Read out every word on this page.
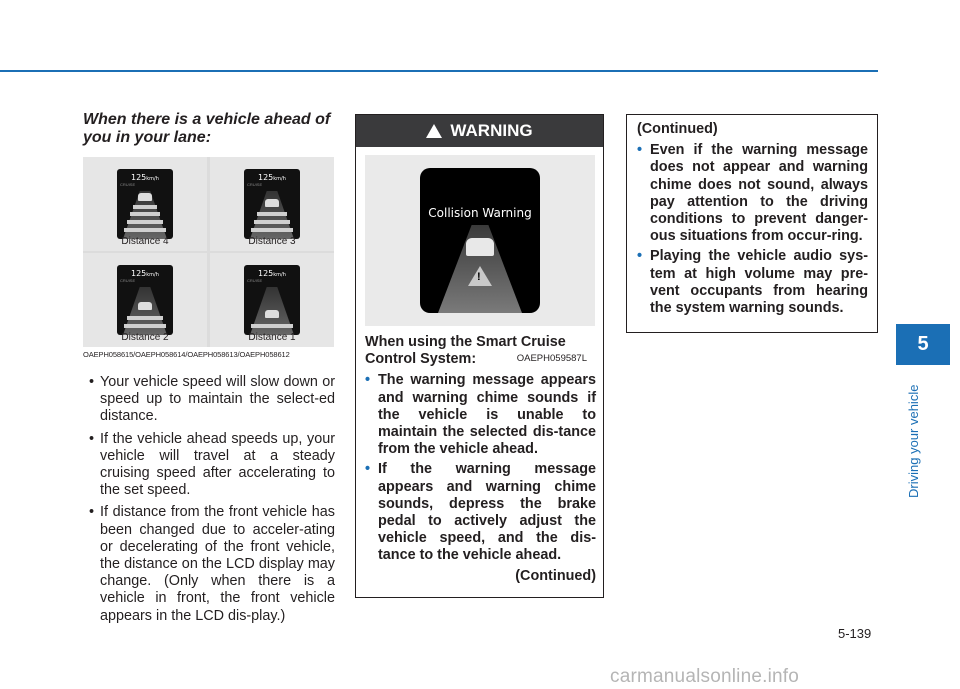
When there is a vehicle ahead of you in your lane:
CRUISE
125km/h
Distance 4
CRUISE
125km/h
Distance 3
CRUISE
125km/h
Distance 2
CRUISE
125km/h
Distance 1
OAEPH058615/OAEPH058614/OAEPH058613/OAEPH058612
• Your vehicle speed will slow down or speed up to maintain the select-ed distance.
• If the vehicle ahead speeds up, your vehicle will travel at a steady cruising speed after accelerating to the set speed.
• If distance from the front vehicle has been changed due to acceler-ating or decelerating of the front vehicle, the distance on the LCD display may change. (Only when there is a vehicle in front, the front vehicle appears in the LCD dis-play.)
!
WARNING
Collision Warning
!
OAEPH059587L

When using the Smart Cruise Control System:

• The warning message appears and warning chime sounds if the vehicle is unable to maintain the selected dis-tance from the vehicle ahead.
• If the warning message appears and warning chime sounds, depress the brake pedal to actively adjust the vehicle speed, and the dis-tance to the vehicle ahead.
(Continued)

(Continued)

• Even if the warning message does not appear and warning chime does not sound, always pay attention to the driving conditions to prevent danger-ous situations from occur-ring.
• Playing the vehicle audio sys-tem at high volume may pre-vent occupants from hearing the system warning sounds.
5
Driving your vehicle
5-139
carmanualsonline.info
